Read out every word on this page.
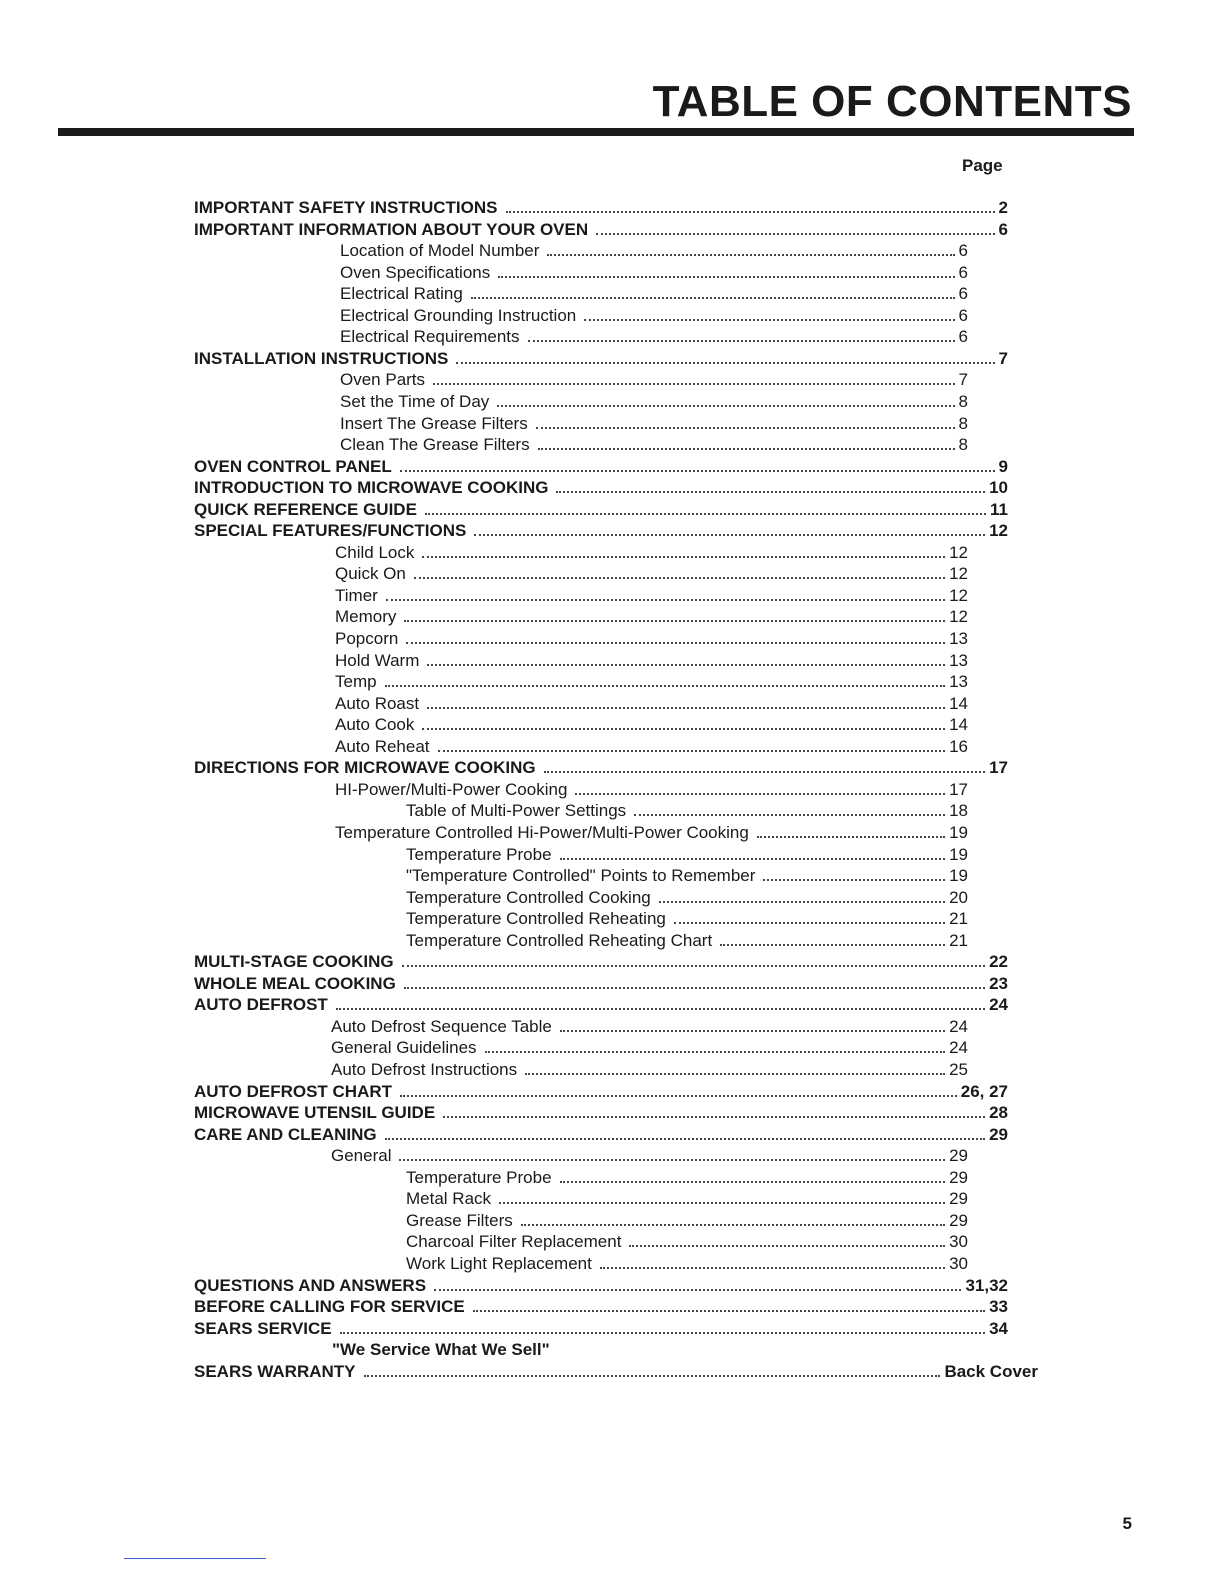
TABLE OF CONTENTS
Page
"We Service What We Sell"
5
IMPORTANT SAFETY INSTRUCTIONS	2
IMPORTANT INFORMATION ABOUT YOUR OVEN	6
Location of Model Number	6
Oven Specifications	6
Electrical Rating	6
Electrical Grounding Instruction	6
Electrical Requirements	6
INSTALLATION INSTRUCTIONS	7
Oven Parts	7
Set the Time of Day	8
Insert The Grease Filters	8
Clean The Grease Filters	8
OVEN CONTROL PANEL	9
INTRODUCTION TO MICROWAVE COOKING	10
QUICK REFERENCE GUIDE	11
SPECIAL FEATURES/FUNCTIONS	12
Child Lock	12
Quick On	12
Timer	12
Memory	12
Popcorn	13
Hold Warm	13
Temp	13
Auto Roast	14
Auto Cook	14
Auto Reheat	16
DIRECTIONS FOR MICROWAVE COOKING	17
HI-Power/Multi-Power Cooking	17
Table of Multi-Power Settings	18
Temperature Controlled Hi-Power/Multi-Power Cooking	19
Temperature Probe	19
"Temperature Controlled" Points to Remember	19
Temperature Controlled Cooking	20
Temperature Controlled Reheating	21
Temperature Controlled Reheating Chart	21
MULTI-STAGE COOKING	22
WHOLE MEAL COOKING	23
AUTO DEFROST	24
Auto Defrost Sequence Table	24
General Guidelines	24
Auto Defrost Instructions	25
AUTO DEFROST CHART	26, 27
MICROWAVE UTENSIL GUIDE	28
CARE AND CLEANING	29
General	29
Temperature Probe	29
Metal Rack	29
Grease Filters	29
Charcoal Filter Replacement	30
Work Light Replacement	30
QUESTIONS AND ANSWERS	31,32
BEFORE CALLING FOR SERVICE	33
SEARS SERVICE	34
SEARS WARRANTY	Back Cover
